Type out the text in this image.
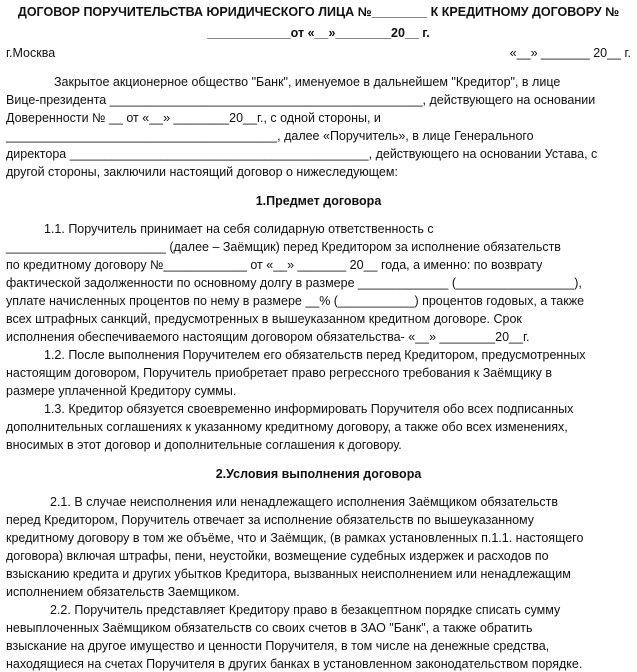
ДОГОВОР ПОРУЧИТЕЛЬСТВА ЮРИДИЧЕСКОГО ЛИЦА №________ К КРЕДИТНОМУ ДОГОВОРУ №
____________от «__»________20__ г.
г.Москва	«__» _______ 20__ г.
Закрытое акционерное общество "Банк", именуемое в дальнейшем "Кредитор", в лице
Вице-президента _____________________________________________, действующего на основании
Доверенности № __ от «__» ________20__г., с одной стороны, и
_______________________________________, далее «Поручитель», в лице Генерального
директора ___________________________________________, действующего на основании Устава, с
другой стороны, заключили настоящий договор о нижеследующем:
1.Предмет договора
1.1. Поручитель принимает на себя солидарную ответственность с
_______________________ (далее – Заёмщик) перед Кредитором за исполнение обязательств
по кредитному договору №____________ от «__» _______ 20__ года, а именно: по возврату
фактической задолженности по основному долгу в размере _____________ (_________________),
уплате начисленных процентов по нему в размере __% (___________) процентов годовых, а также
всех штрафных санкций, предусмотренных в вышеуказанном кредитном договоре. Срок
исполнения обеспечиваемого настоящим договором обязательства- «__» ________20__г.
1.2. После выполнения Поручителем его обязательств перед Кредитором, предусмотренных
настоящим договором, Поручитель приобретает право регрессного требования к Заёмщику в
размере уплаченной Кредитору суммы.
1.3. Кредитор обязуется своевременно информировать Поручителя обо всех подписанных
дополнительных соглашениях к указанному кредитному договору, а также обо всех изменениях,
вносимых в этот договор и дополнительные соглашения к договору.
2.Условия выполнения договора
2.1. В случае неисполнения или ненадлежащего исполнения Заёмщиком обязательств
перед Кредитором, Поручитель отвечает за исполнение обязательств по вышеуказанному
кредитному договору в том же объёме, что и Заёмщик, (в рамках установленных п.1.1. настоящего
договора) включая штрафы, пени, неустойки, возмещение судебных издержек и расходов по
взысканию кредита и других убытков Кредитора, вызванных неисполнением или ненадлежащим
исполнением обязательств Заемщиком.
2.2. Поручитель представляет Кредитору право в безакцептном порядке списать сумму
невыплоченных Заёмщиком обязательств со своих счетов в ЗАО "Банк", а также обратить
взыскание на другое имущество и ценности Поручителя, в том числе на денежные средства,
находящиеся на счетах Поручителя в других банках в установленном законодательством порядке.
